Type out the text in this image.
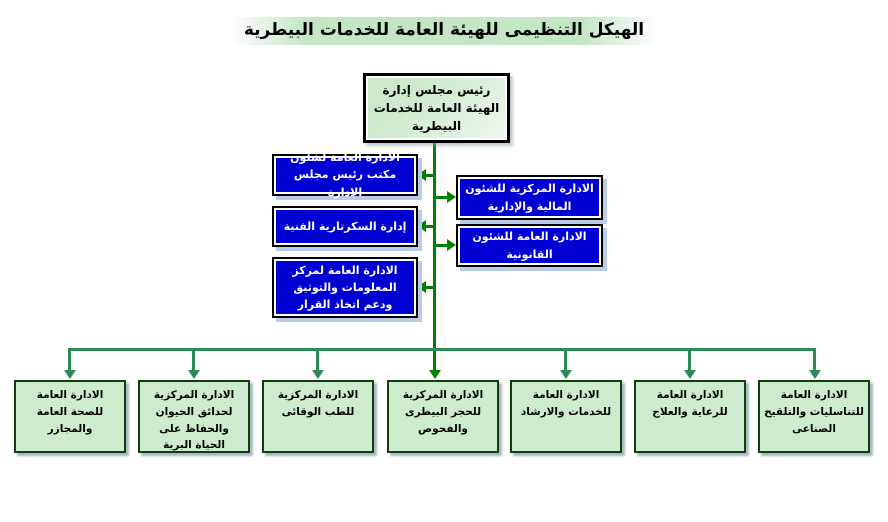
الهيكل التنظيمى للهيئة العامة للخدمات البيطرية
رئيس مجلس إدارة الهيئة العامة للخدمات البيطرية
الادارة العامة لشئون مكتب رئيس مجلس الادارة
إدارة السكرتارية الفنية
الادارة العامة لمركز المعلومات والتوثيق ودعم اتخاذ القرار
الادارة المركزية للشئون المالية والإدارية
الادارة العامة للشئون القانونية
الادارة العامة للصحة العامة والمجازر
الادارة المركزية لحدائق الحيوان والحفاظ على الحياة البرية
الادارة المركزية للطب الوقائى
الادارة المركزية للحجر البيطرى والفحوص
الادارة العامة للخدمات والارشاد
الادارة العامة للرعاية والعلاج
الادارة العامة للتناسليات والتلقيح الصناعى
